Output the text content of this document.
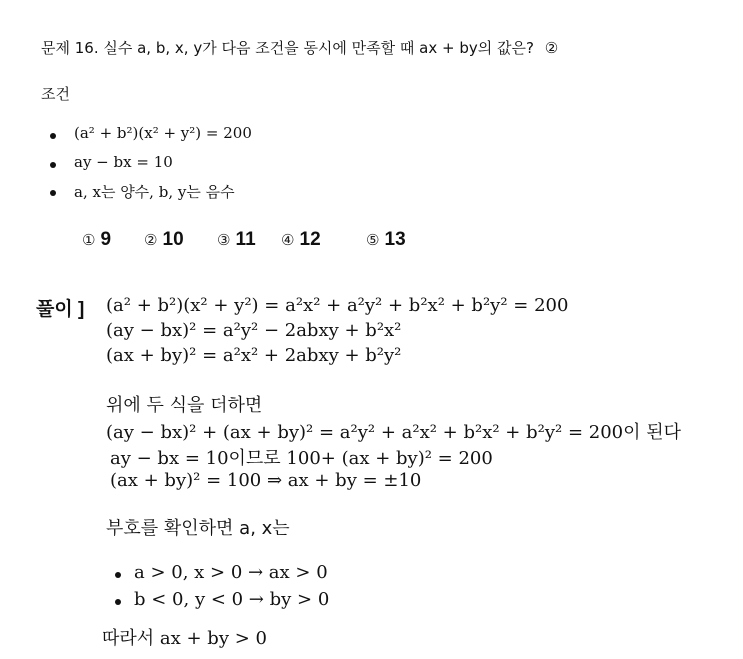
문제 16. 실수 a, b, x, y가 다음 조건을 동시에 만족할 때 ax + by의 값은? ②
조건
(a² + b²)(x² + y²) = 200
ay − bx = 10
a, x는 양수, b, y는 음수
① 9 ② 10 ③ 11 ④ 12	⑤ 13
풀이 ] (a² + b²)(x² + y²) = a²x² + a²y² + b²x² + b²y² = 200
(ay − bx)² = a²y² − 2abxy + b²x²
(ax + by)² = a²x² + 2abxy + b²y²
위에 두 식을 더하면
(ay − bx)² + (ax + by)² = a²y² + a²x² + b²x² + b²y² = 200이 된다
ay − bx = 10이므로 100+ (ax + by)² = 200
(ax + by)² = 100 ⇒ ax + by = ±10
부호를 확인하면 a, x는
a > 0, x > 0 → ax > 0
b < 0, y < 0 → by > 0
따라서 ax + by > 0
